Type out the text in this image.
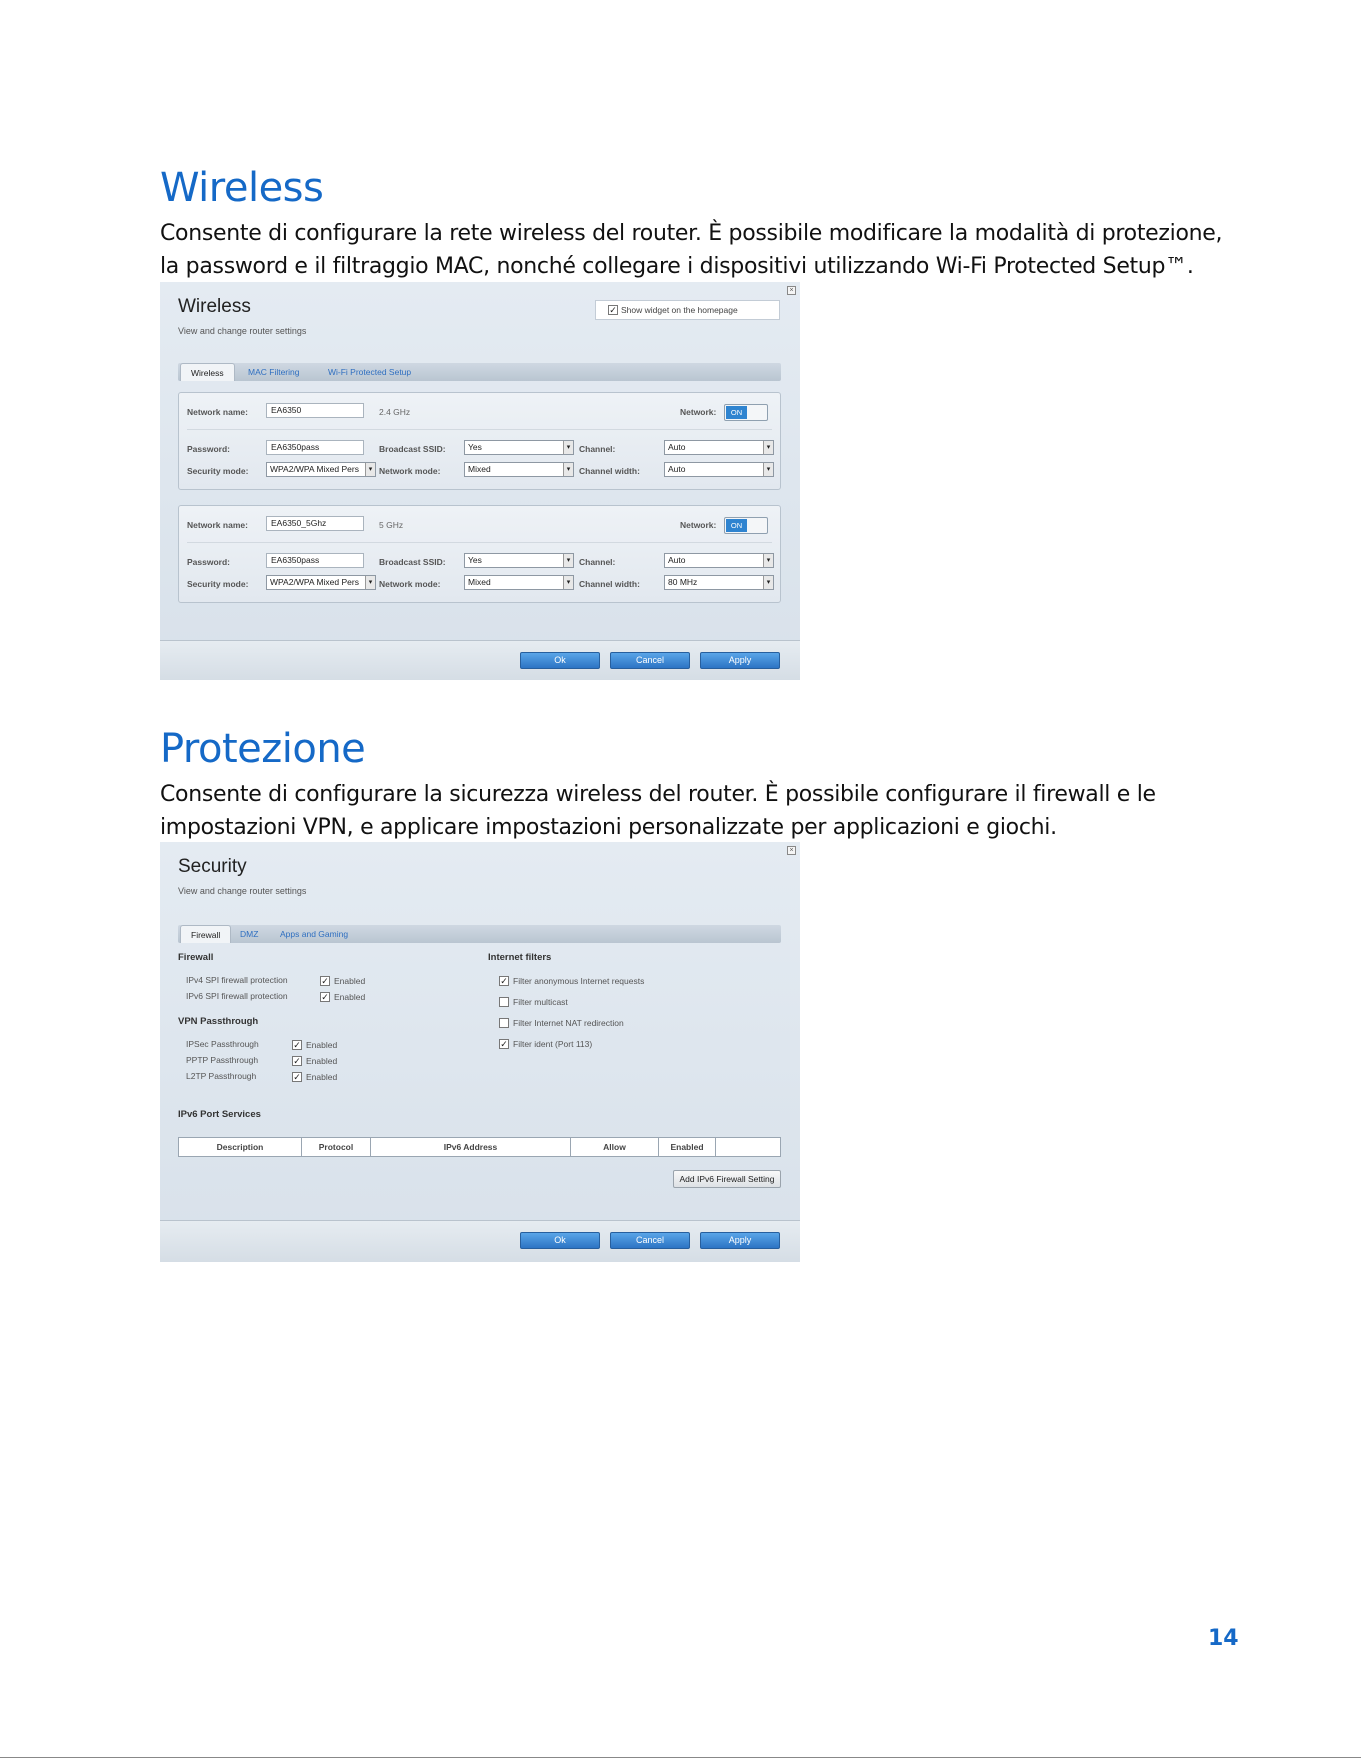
Wireless

Consente di configurare la rete wireless del router. È possibile modificare la modalità di protezione, la password e il filtraggio MAC, nonché collegare i dispositivi utilizzando Wi-Fi Protected Setup™.

×
Wireless
View and change router settings
✓
Show widget on the homepage
Wireless	MAC Filtering	Wi-Fi Protected Setup
Network name:	EA6350	2.4 GHz	Network:	ON
Password:	EA6350pass	Broadcast SSID:	Yes ▾	Channel:	Auto ▾
Security mode:	WPA2/WPA Mixed Pers ▾	Network mode:	Mixed ▾	Channel width:	Auto ▾
Network name:	EA6350_5Ghz	5 GHz	Network:	ON
Password:	EA6350pass	Broadcast SSID:	Yes ▾	Channel:	Auto ▾
Security mode:	WPA2/WPA Mixed Pers ▾	Network mode:	Mixed ▾	Channel width:	80 MHz ▾
Ok	Cancel	Apply
Protezione

Consente di configurare la sicurezza wireless del router. È possibile configurare il firewall e le impostazioni VPN, e applicare impostazioni personalizzate per applicazioni e giochi.

×
Security
View and change router settings
Firewall	DMZ	Apps and Gaming
Firewall
IPv4 SPI firewall protection ✓	Enabled
IPv6 SPI firewall protection ✓	Enabled
VPN Passthrough
IPSec Passthrough ✓	Enabled
PPTP Passthrough ✓	Enabled
L2TP Passthrough ✓	Enabled
Internet filters
✓
Filter anonymous Internet requests
Filter multicast
Filter Internet NAT redirection
✓
Filter ident (Port 113)
IPv6 Port Services
Description	Protocol	IPv6 Address	Allow	Enabled
Add IPv6 Firewall Setting
Ok	Cancel	Apply
14
